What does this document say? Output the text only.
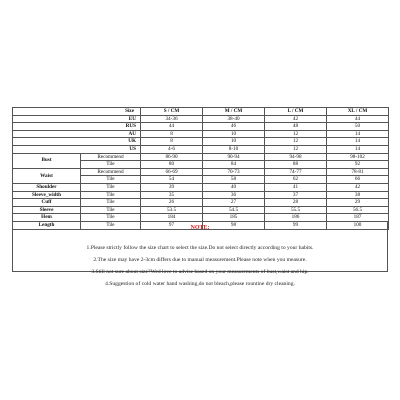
Size		S / CM	M / CM	L / CM	XL / CM
EU		34-36	38-40	42	44
RUS		44	46	48	50
AU		8	10	12	14
UK		8	10	12	14
US		4-6	8-10	12	14
Bust	Recommend	86-90	90-94	94-98	98-102
	Tile	80	84	88	92
Waist	Recommend	66-69	70-73	74-77	78-81
	Tile	54	58	62	66
Shoulder	Tile	39	40	41	42
Sleeve_width	Tile	35	36	37	38
Cuff	Tile	26	27	28	29
Sleeve	Tile	53.5	54.5	55.5	56.5
Hem	Tile	184	185	186	187
Length	Tile	97	98	99	100
NOTE:
1.Please strictly follow the size chart to select the size.Do not select directly according to your habits.
2.The size may have 2-3cm differs due to manual measurement.Please note when you measure.
3.Still not sure about size?Wed love to advise based on your measurements of bust,waist and hip.
4.Suggestion of cold water hand washing,do not bleach,please rountine dry cleaning.
